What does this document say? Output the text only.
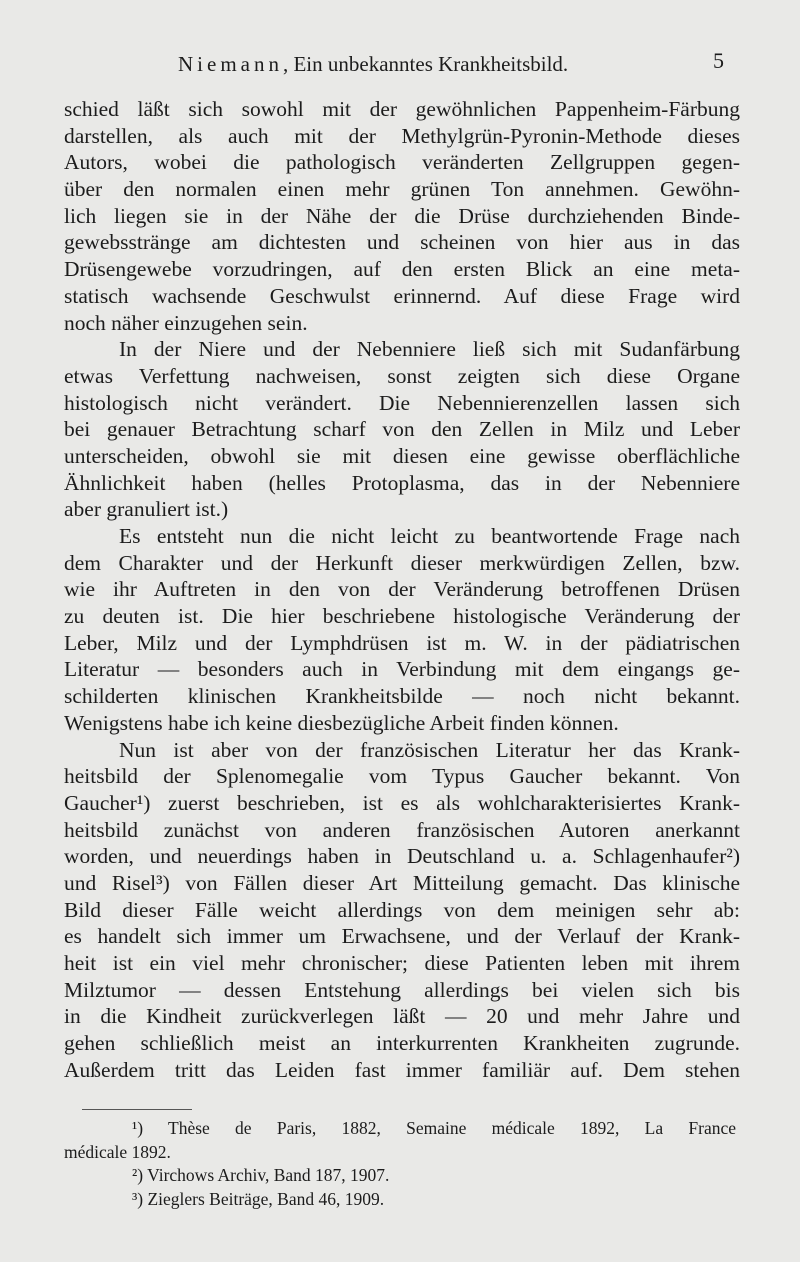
Niemann, Ein unbekanntes Krankheitsbild.	5
schied läßt sich sowohl mit der gewöhnlichen Pappenheim-Färbung
darstellen, als auch mit der Methylgrün-Pyronin-Methode dieses
Autors, wobei die pathologisch veränderten Zellgruppen gegen-
über den normalen einen mehr grünen Ton annehmen. Gewöhn-
lich liegen sie in der Nähe der die Drüse durchziehenden Binde-
gewebsstränge am dichtesten und scheinen von hier aus in das
Drüsengewebe vorzudringen, auf den ersten Blick an eine meta-
statisch wachsende Geschwulst erinnernd. Auf diese Frage wird
noch näher einzugehen sein.
In der Niere und der Nebenniere ließ sich mit Sudanfärbung
etwas Verfettung nachweisen, sonst zeigten sich diese Organe
histologisch nicht verändert. Die Nebennierenzellen lassen sich
bei genauer Betrachtung scharf von den Zellen in Milz und Leber
unterscheiden, obwohl sie mit diesen eine gewisse oberflächliche
Ähnlichkeit haben (helles Protoplasma, das in der Nebenniere
aber granuliert ist.)
Es entsteht nun die nicht leicht zu beantwortende Frage nach
dem Charakter und der Herkunft dieser merkwürdigen Zellen, bzw.
wie ihr Auftreten in den von der Veränderung betroffenen Drüsen
zu deuten ist. Die hier beschriebene histologische Veränderung der
Leber, Milz und der Lymphdrüsen ist m. W. in der pädiatrischen
Literatur — besonders auch in Verbindung mit dem eingangs ge-
schilderten klinischen Krankheitsbilde — noch nicht bekannt.
Wenigstens habe ich keine diesbezügliche Arbeit finden können.
Nun ist aber von der französischen Literatur her das Krank-
heitsbild der Splenomegalie vom Typus Gaucher bekannt. Von
Gaucher¹) zuerst beschrieben, ist es als wohlcharakterisiertes Krank-
heitsbild zunächst von anderen französischen Autoren anerkannt
worden, und neuerdings haben in Deutschland u. a. Schlagenhaufer²)
und Risel³) von Fällen dieser Art Mitteilung gemacht. Das klinische
Bild dieser Fälle weicht allerdings von dem meinigen sehr ab:
es handelt sich immer um Erwachsene, und der Verlauf der Krank-
heit ist ein viel mehr chronischer; diese Patienten leben mit ihrem
Milztumor — dessen Entstehung allerdings bei vielen sich bis
in die Kindheit zurückverlegen läßt — 20 und mehr Jahre und
gehen schließlich meist an interkurrenten Krankheiten zugrunde.
Außerdem tritt das Leiden fast immer familiär auf. Dem stehen
¹) Thèse de Paris, 1882, Semaine médicale 1892, La France
médicale 1892.
²) Virchows Archiv, Band 187, 1907.
³) Zieglers Beiträge, Band 46, 1909.
